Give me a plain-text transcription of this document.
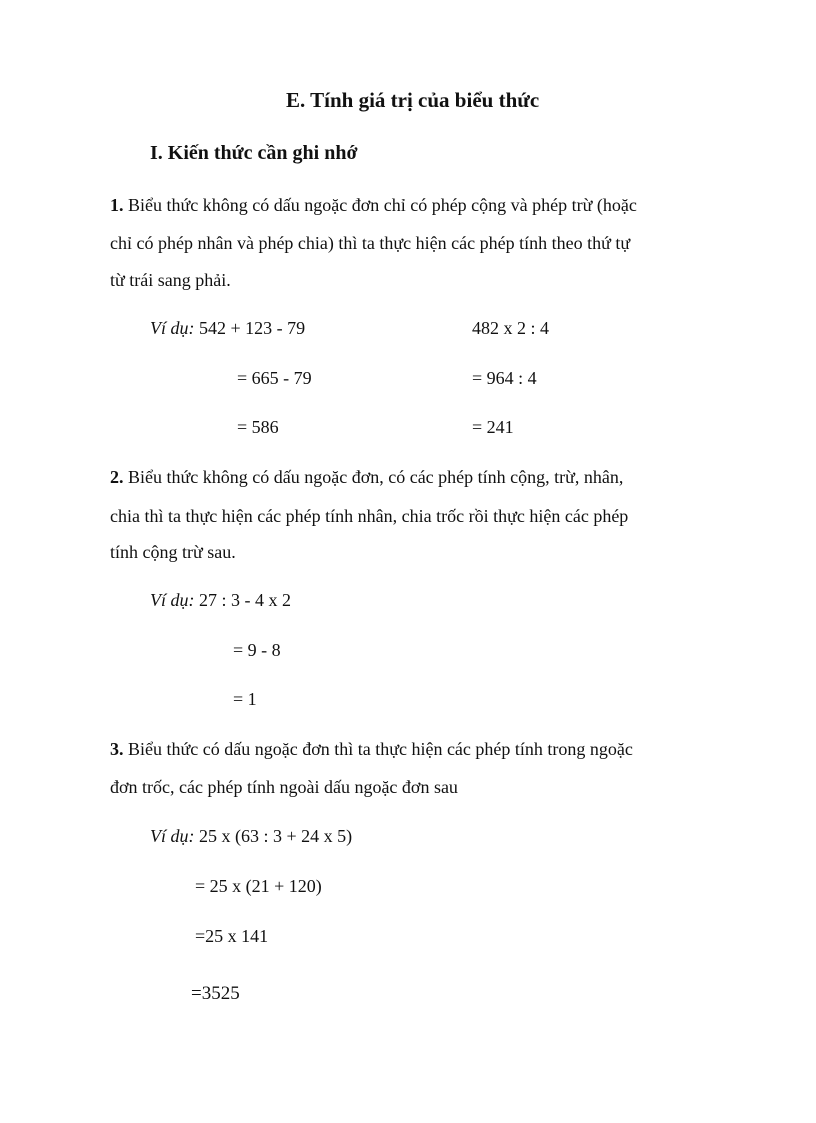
E. Tính giá trị của biểu thức
I. Kiến thức cần ghi nhớ
1. Biểu thức không có dấu ngoặc đơn chỉ có phép cộng và phép trừ (hoặc
chỉ có phép nhân và phép chia) thì ta thực hiện các phép tính theo thứ tự
từ trái sang phải.
Ví dụ: 542 + 123 - 79
= 665 - 79
= 586
482 x 2 : 4
= 964 : 4
= 241
2. Biểu thức không có dấu ngoặc đơn, có các phép tính cộng, trừ, nhân,
chia thì ta thực hiện các phép tính nhân, chia trốc rồi thực hiện các phép
tính cộng trừ sau.
Ví dụ: 27 : 3 - 4 x 2
= 9 - 8
= 1
3. Biểu thức có dấu ngoặc đơn thì ta thực hiện các phép tính trong ngoặc
đơn trốc, các phép tính ngoài dấu ngoặc đơn sau
Ví dụ: 25 x (63 : 3 + 24 x 5)
= 25 x (21 + 120)
=25 x 141
=3525
